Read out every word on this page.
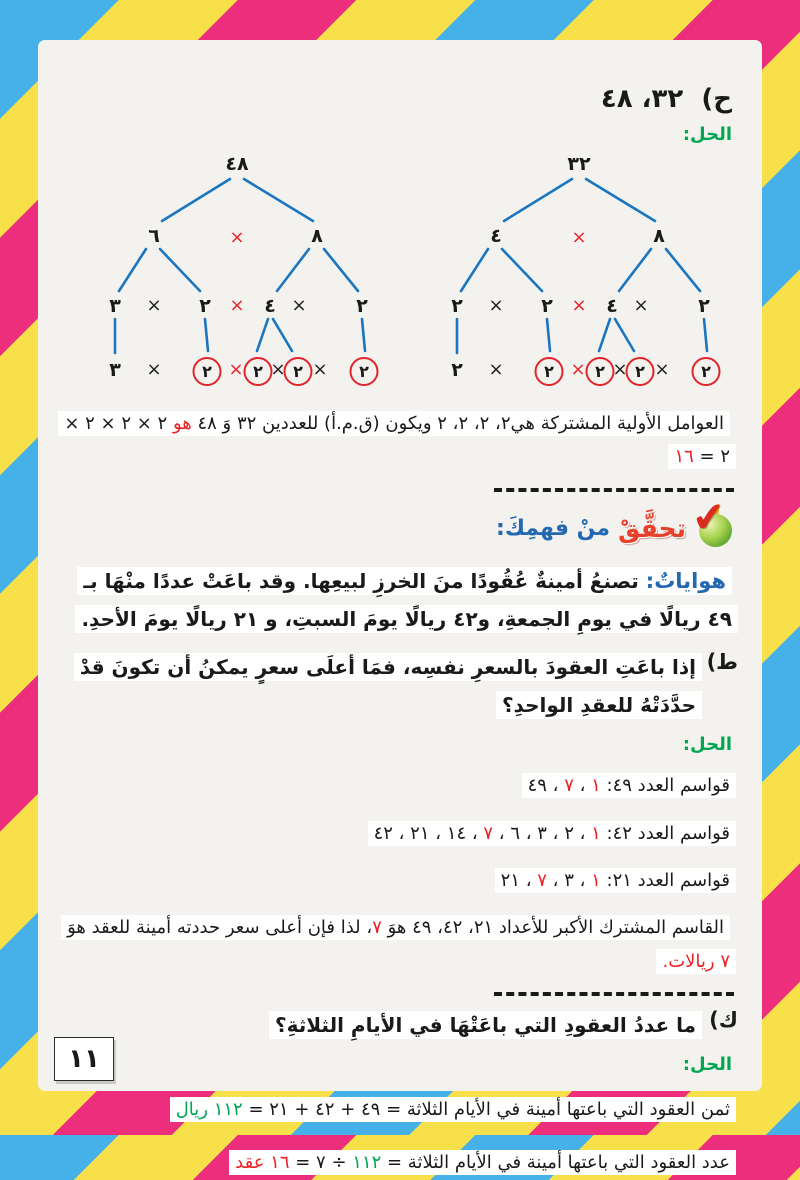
ح)  ٣٢، ٤٨
الحل:
٤٨
٦	×	٨
٣	٢	٤	٢
×	×	×
٣	٢	٢	٢	٢
×	× × ×
٣٢
٤	×	٨
٢	٢	٤	٢
×	×	×
٢	٢	٢	٢	٢
×	× × ×

العوامل الأولية المشتركة هي٢، ٢، ٢، ٢ ويكون (ق.م.أ) للعددين ٣٢ وَ ٤٨ هو ٢ × ٢ × ٢ × ٢ = ١٦

✔
تحقَّقْ
منْ فهمِكَ:

هواياتٌ: تصنعُ أمينةٌ عُقُودًا منَ الخرزِ لبيعِها. وقد باعَتْ عددًا منْهَا بـ ٤٩ ريالًا في يومِ الجمعةِ، و٤٢ ريالًا يومَ السبتِ، و ٢١ ريالًا يومَ الأحدِ.

ط)

إذا باعَتِ العقودَ بالسعرِ نفسِه، فمَا أعلَى سعرٍ يمكنُ أن تكونَ قدْ حدَّدَتْهُ للعقدِ الواحدِ؟

الحل:

قواسم العدد ٤٩: ١ ، ٧ ، ٤٩

قواسم العدد ٤٢: ١ ، ٢ ، ٣ ، ٦ ، ٧ ، ١٤ ، ٢١ ، ٤٢

قواسم العدد ٢١: ١ ، ٣ ، ٧ ، ٢١

القاسم المشترك الأكبر للأعداد ٢١، ٤٢، ٤٩ هوَ ٧، لذا فإن أعلى سعر حددته أمينة للعقد هوَ ٧ ريالات.

ك)

ما عددُ العقودِ التي باعَتْهَا في الأيامِ الثلاثةِ؟

الحل:

ثمن العقود التي باعتها أمينة في الأيام الثلاثة = ٤٩ + ٤٢ + ٢١ = ١١٢ ريال

عدد العقود التي باعتها أمينة في الأيام الثلاثة = ١١٢ ÷ ٧ = ١٦ عقد

١١
